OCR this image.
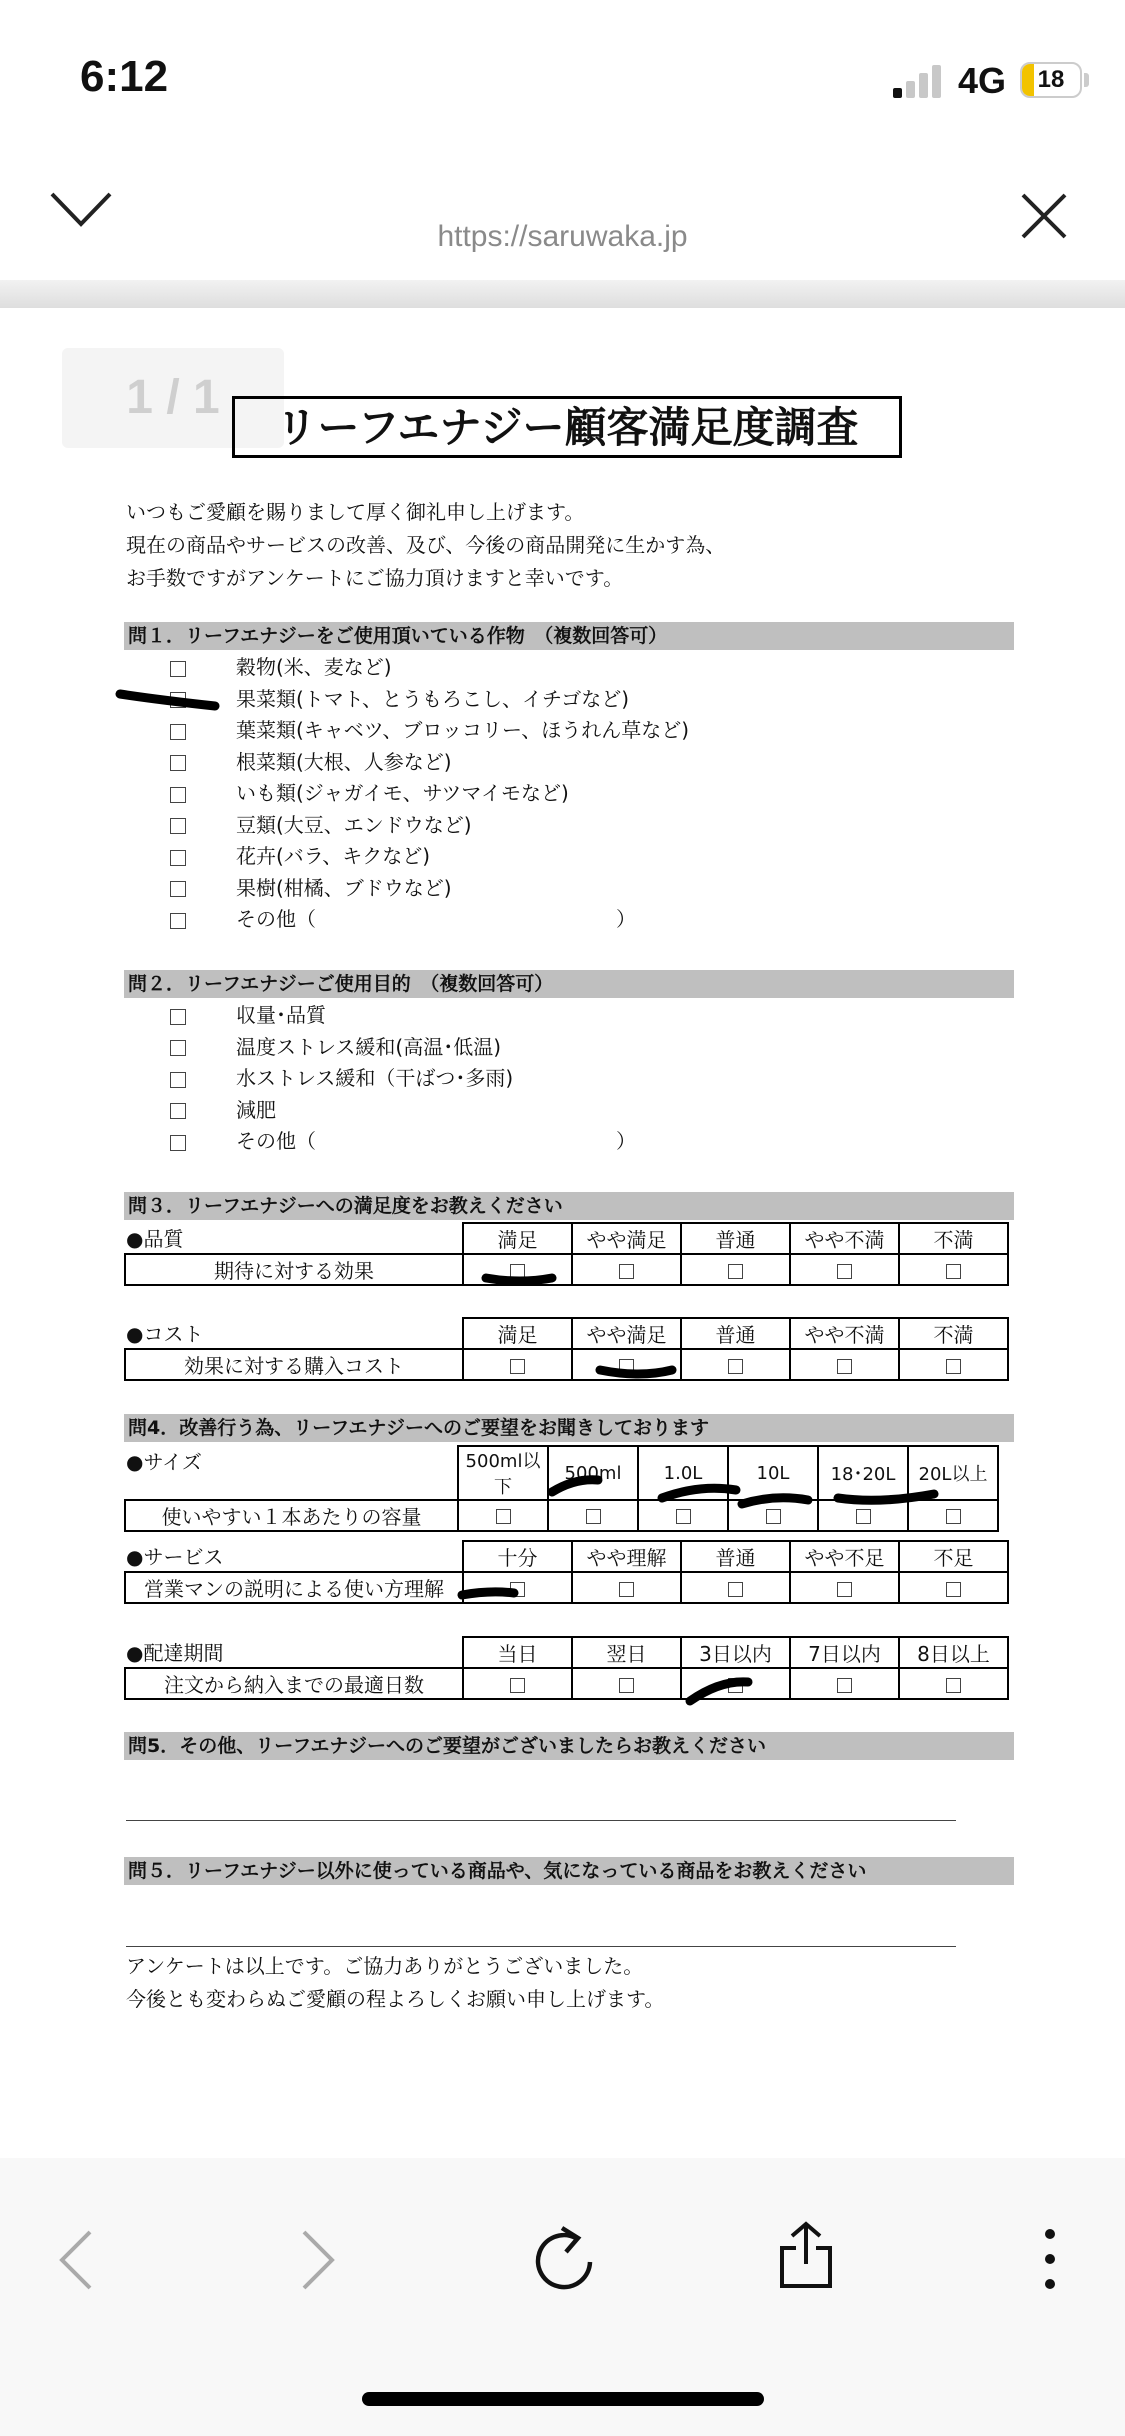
6:12	4G	18
https://saruwaka.jp
1 / 1
リーフエナジー顧客満足度調査
いつもご愛顧を賜りまして厚く御礼申し上げます。
現在の商品やサービスの改善、及び、今後の商品開発に生かす為、
お手数ですがアンケートにご協力頂けますと幸いです。
問１．リーフエナジーをご使用頂いている作物　（複数回答可）
穀物(米、麦など)
果菜類(トマト、とうもろこし、イチゴなど)
葉菜類(キャベツ、ブロッコリー、ほうれん草など)
根菜類(大根、人参など)
いも類(ジャガイモ、サツマイモなど)
豆類(大豆、エンドウなど)
花卉(バラ、キクなど)
果樹(柑橘、ブドウなど)
その他（　　　　　　　　　　　　　　　）
問２．リーフエナジーご使用目的　（複数回答可）
収量･品質
温度ストレス緩和(高温･低温)
水ストレス緩和（干ばつ･多雨)
減肥
その他（　　　　　　　　　　　　　　　）
問３．リーフエナジーへの満足度をお教えください
●品質
		満足	やや満足	普通	やや不満	不満
期待に対する効果					
●コスト
		満足	やや満足	普通	やや不満	不満
効果に対する購入コスト					
問4．改善行う為、リーフエナジーへのご要望をお聞きしております
●サイズ
		500ml以下	500ml	1.0L	10L	18･20L	20L以上
使いやすい１本あたりの容量						
●サービス
		十分	やや理解	普通	やや不足	不足
営業マンの説明による使い方理解					
●配達期間
		当日	翌日	3日以内	7日以内	8日以上
注文から納入までの最適日数					
問5．その他、リーフエナジーへのご要望がございましたらお教えください
問５．リーフエナジー以外に使っている商品や、気になっている商品をお教えください
アンケートは以上です。ご協力ありがとうございました。
今後とも変わらぬご愛顧の程よろしくお願い申し上げます。
